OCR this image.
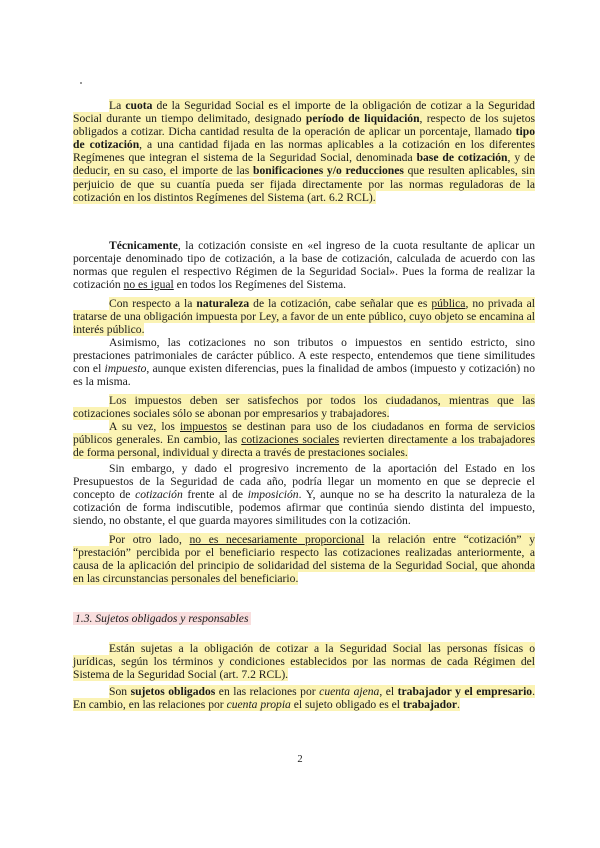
La cuota de la Seguridad Social es el importe de la obligación de cotizar a la Seguridad Social durante un tiempo delimitado, designado período de liquidación, respecto de los sujetos obligados a cotizar. Dicha cantidad resulta de la operación de aplicar un porcentaje, llamado tipo de cotización, a una cantidad fijada en las normas aplicables a la cotización en los diferentes Regímenes que integran el sistema de la Seguridad Social, denominada base de cotización, y de deducir, en su caso, el importe de las bonificaciones y/o reducciones que resulten aplicables, sin perjuicio de que su cuantía pueda ser fijada directamente por las normas reguladoras de la cotización en los distintos Regímenes del Sistema (art. 6.2 RCL).

Técnicamente, la cotización consiste en «el ingreso de la cuota resultante de aplicar un porcentaje denominado tipo de cotización, a la base de cotización, calculada de acuerdo con las normas que regulen el respectivo Régimen de la Seguridad Social». Pues la forma de realizar la cotización no es igual en todos los Regímenes del Sistema.

Con respecto a la naturaleza de la cotización, cabe señalar que es pública, no privada al tratarse de una obligación impuesta por Ley, a favor de un ente público, cuyo objeto se encamina al interés público.

Asimismo, las cotizaciones no son tributos o impuestos en sentido estricto, sino prestaciones patrimoniales de carácter público. A este respecto, entendemos que tiene similitudes con el impuesto, aunque existen diferencias, pues la finalidad de ambos (impuesto y cotización) no es la misma.

Los impuestos deben ser satisfechos por todos los ciudadanos, mientras que las cotizaciones sociales sólo se abonan por empresarios y trabajadores.

A su vez, los impuestos se destinan para uso de los ciudadanos en forma de servicios públicos generales. En cambio, las cotizaciones sociales revierten directamente a los trabajadores de forma personal, individual y directa a través de prestaciones sociales.

Sin embargo, y dado el progresivo incremento de la aportación del Estado en los Presupuestos de la Seguridad de cada año, podría llegar un momento en que se deprecie el concepto de cotización frente al de imposición. Y, aunque no se ha descrito la naturaleza de la cotización de forma indiscutible, podemos afirmar que continúa siendo distinta del impuesto, siendo, no obstante, el que guarda mayores similitudes con la cotización.

Por otro lado, no es necesariamente proporcional la relación entre “cotización” y “prestación” percibida por el beneficiario respecto las cotizaciones realizadas anteriormente, a causa de la aplicación del principio de solidaridad del sistema de la Seguridad Social, que ahonda en las circunstancias personales del beneficiario.

1.3. Sujetos obligados y responsables

Están sujetas a la obligación de cotizar a la Seguridad Social las personas físicas o jurídicas, según los términos y condiciones establecidos por las normas de cada Régimen del Sistema de la Seguridad Social (art. 7.2 RCL).

Son sujetos obligados en las relaciones por cuenta ajena, el trabajador y el empresario. En cambio, en las relaciones por cuenta propia el sujeto obligado es el trabajador.

2
